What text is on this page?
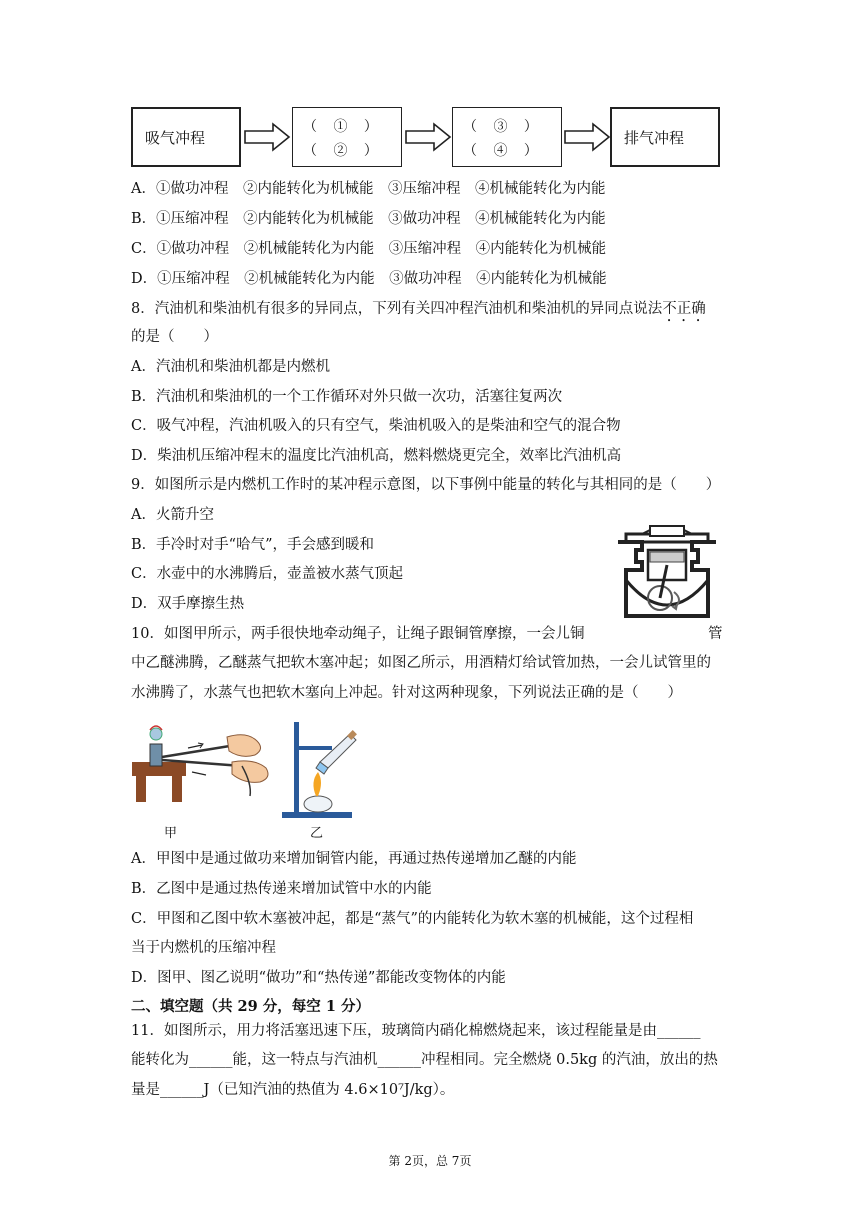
吸气冲程
（ ① ）
（ ② ）
（ ③ ）
（ ④ ）
排气冲程
A．①做功冲程　②内能转化为机械能　③压缩冲程　④机械能转化为内能
B．①压缩冲程　②内能转化为机械能　③做功冲程　④机械能转化为内能
C．①做功冲程　②机械能转化为内能　③压缩冲程　④内能转化为机械能
D．①压缩冲程　②机械能转化为内能　③做功冲程　④内能转化为机械能
8．汽油机和柴油机有很多的异同点，下列有关四冲程汽油机和柴油机的异同点说法不正确
的是（　　）
A．汽油机和柴油机都是内燃机
B．汽油机和柴油机的一个工作循环对外只做一次功，活塞往复两次
C．吸气冲程，汽油机吸入的只有空气，柴油机吸入的是柴油和空气的混合物
D．柴油机压缩冲程末的温度比汽油机高，燃料燃烧更完全，效率比汽油机高
9．如图所示是内燃机工作时的某冲程示意图，以下事例中能量的转化与其相同的是（　　）
A．火箭升空
B．手冷时对手“哈气”，手会感到暖和
C．水壶中的水沸腾后，壶盖被水蒸气顶起
D．双手摩擦生热
10．如图甲所示，两手很快地牵动绳子，让绳子跟铜管摩擦，一会儿铜	管
中乙醚沸腾，乙醚蒸气把软木塞冲起；如图乙所示，用酒精灯给试管加热，一会儿试管里的
水沸腾了，水蒸气也把软木塞向上冲起。针对这两种现象，下列说法正确的是（　　）
甲	乙
A．甲图中是通过做功来增加铜管内能，再通过热传递增加乙醚的内能
B．乙图中是通过热传递来增加试管中水的内能
C．甲图和乙图中软木塞被冲起，都是“蒸气”的内能转化为软木塞的机械能，这个过程相
当于内燃机的压缩冲程
D．图甲、图乙说明“做功”和“热传递”都能改变物体的内能
二、填空题（共 29 分，每空 1 分）
11．如图所示，用力将活塞迅速下压，玻璃筒内硝化棉燃烧起来，该过程能量是由______
能转化为______能，这一特点与汽油机______冲程相同。完全燃烧 0.5kg 的汽油，放出的热
量是______J（已知汽油的热值为 4.6×10⁷J/kg）。
第 2页，总 7页
